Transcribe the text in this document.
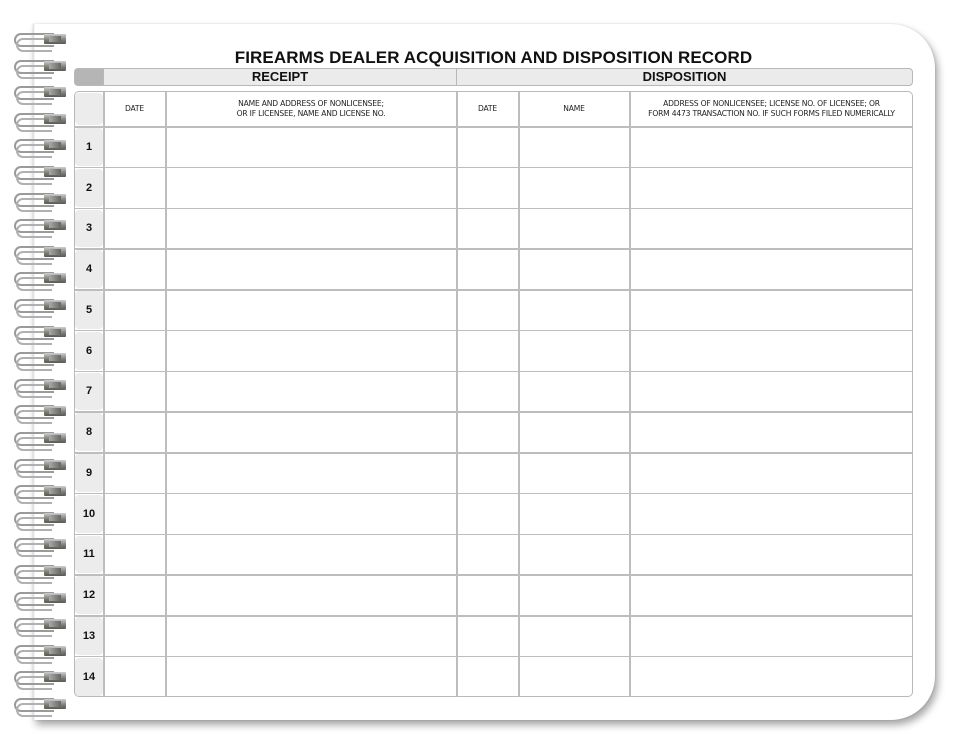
FIREARMS DEALER ACQUISITION AND DISPOSITION RECORD
RECEIPT	DISPOSITION
DATE
NAME AND ADDRESS OF NONLICENSEE;
OR IF LICENSEE, NAME AND LICENSE NO.
DATE	NAME
ADDRESS OF NONLICENSEE; LICENSE NO. OF LICENSEE; OR
FORM 4473 TRANSACTION NO. IF SUCH FORMS FILED NUMERICALLY
1
2
3
4
5
6
7
8
9
10
11
12
13
14
